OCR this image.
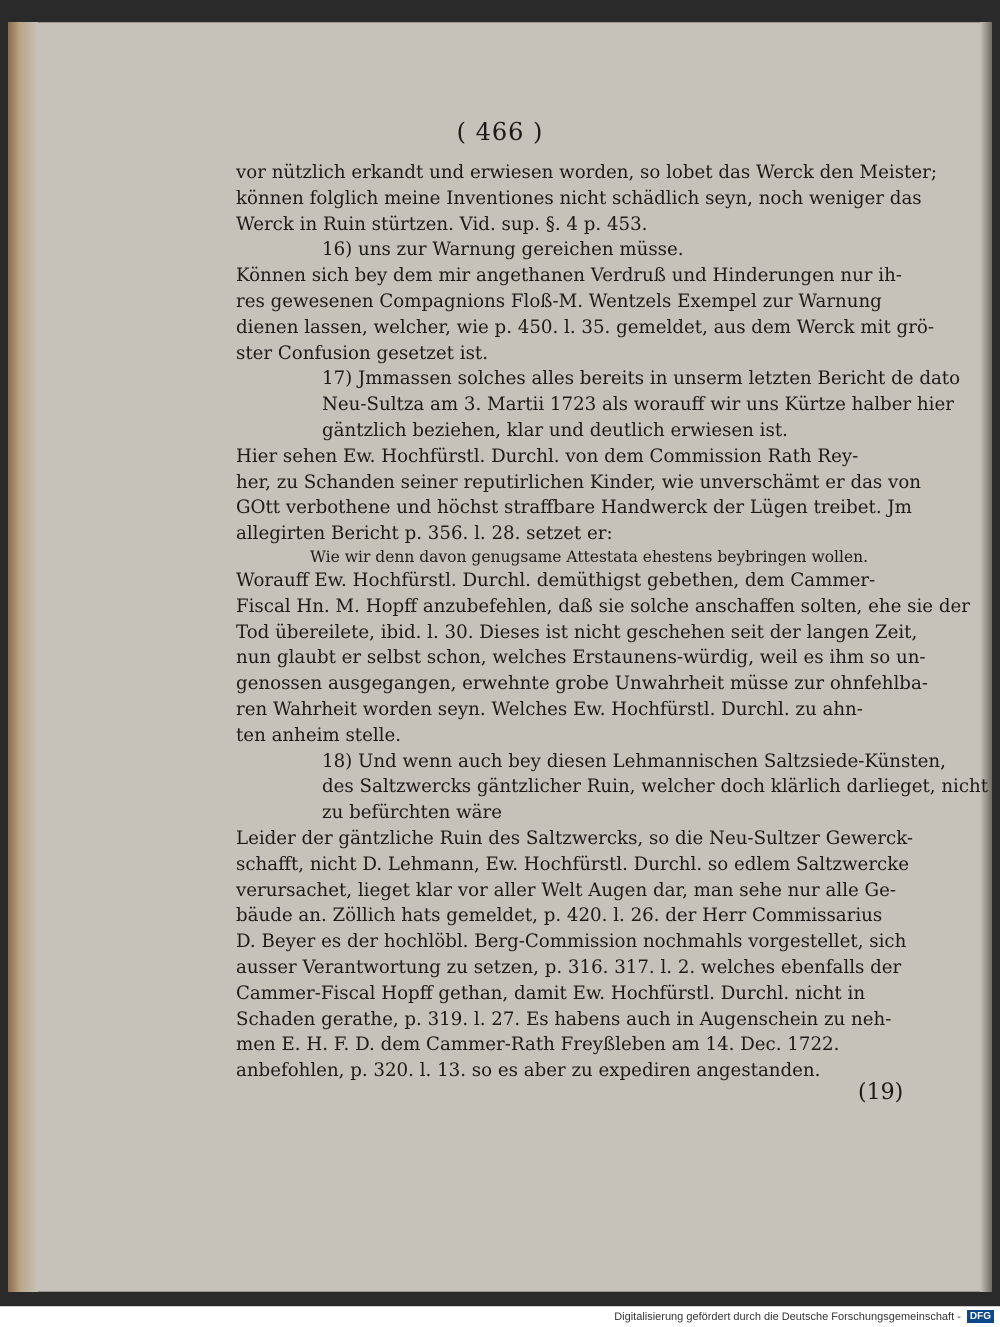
( 466 )

vor nützlich erkandt und erwiesen worden, so lobet das Werck den Meister;

können folglich meine Inventiones nicht schädlich seyn, noch weniger das

Werck in Ruin stürtzen. Vid. sup. §. 4 p. 453.

16) uns zur Warnung gereichen müsse.

Können sich bey dem mir angethanen Verdruß und Hinderungen nur ih-

res gewesenen Compagnions Floß-M. Wentzels Exempel zur Warnung

dienen lassen, welcher, wie p. 450. l. 35. gemeldet, aus dem Werck mit grö-

ster Confusion gesetzet ist.

17) Jmmassen solches alles bereits in unserm letzten Bericht de dato

Neu-Sultza am 3. Martii 1723 als worauff wir uns Kürtze halber hier

gäntzlich beziehen, klar und deutlich erwiesen ist.

Hier sehen Ew. Hochfürstl. Durchl. von dem Commission Rath Rey-

her, zu Schanden seiner reputirlichen Kinder, wie unverschämt er das von

GOtt verbothene und höchst straffbare Handwerck der Lügen treibet. Jm

allegirten Bericht p. 356. l. 28. setzet er:

Wie wir denn davon genugsame Attestata ehestens beybringen wollen.

Worauff Ew. Hochfürstl. Durchl. demüthigst gebethen, dem Cammer-

Fiscal Hn. M. Hopff anzubefehlen, daß sie solche anschaffen solten, ehe sie der

Tod übereilete, ibid. l. 30. Dieses ist nicht geschehen seit der langen Zeit,

nun glaubt er selbst schon, welches Erstaunens-würdig, weil es ihm so un-

genossen ausgegangen, erwehnte grobe Unwahrheit müsse zur ohnfehlba-

ren Wahrheit worden seyn. Welches Ew. Hochfürstl. Durchl. zu ahn-

ten anheim stelle.

18) Und wenn auch bey diesen Lehmannischen Saltzsiede-Künsten,

des Saltzwercks gäntzlicher Ruin, welcher doch klärlich darlieget, nicht

zu befürchten wäre

Leider der gäntzliche Ruin des Saltzwercks, so die Neu-Sultzer Gewerck-

schafft, nicht D. Lehmann, Ew. Hochfürstl. Durchl. so edlem Saltzwercke

verursachet, lieget klar vor aller Welt Augen dar, man sehe nur alle Ge-

bäude an. Zöllich hats gemeldet, p. 420. l. 26. der Herr Commissarius

D. Beyer es der hochlöbl. Berg-Commission nochmahls vorgestellet, sich

ausser Verantwortung zu setzen, p. 316. 317. l. 2. welches ebenfalls der

Cammer-Fiscal Hopff gethan, damit Ew. Hochfürstl. Durchl. nicht in

Schaden gerathe, p. 319. l. 27. Es habens auch in Augenschein zu neh-

men E. H. F. D. dem Cammer-Rath Freyßleben am 14. Dec. 1722.

anbefohlen, p. 320. l. 13. so es aber zu expediren angestanden.

(19)
Digitalisierung gefördert durch die Deutsche Forschungsgemeinschaft - DFG
